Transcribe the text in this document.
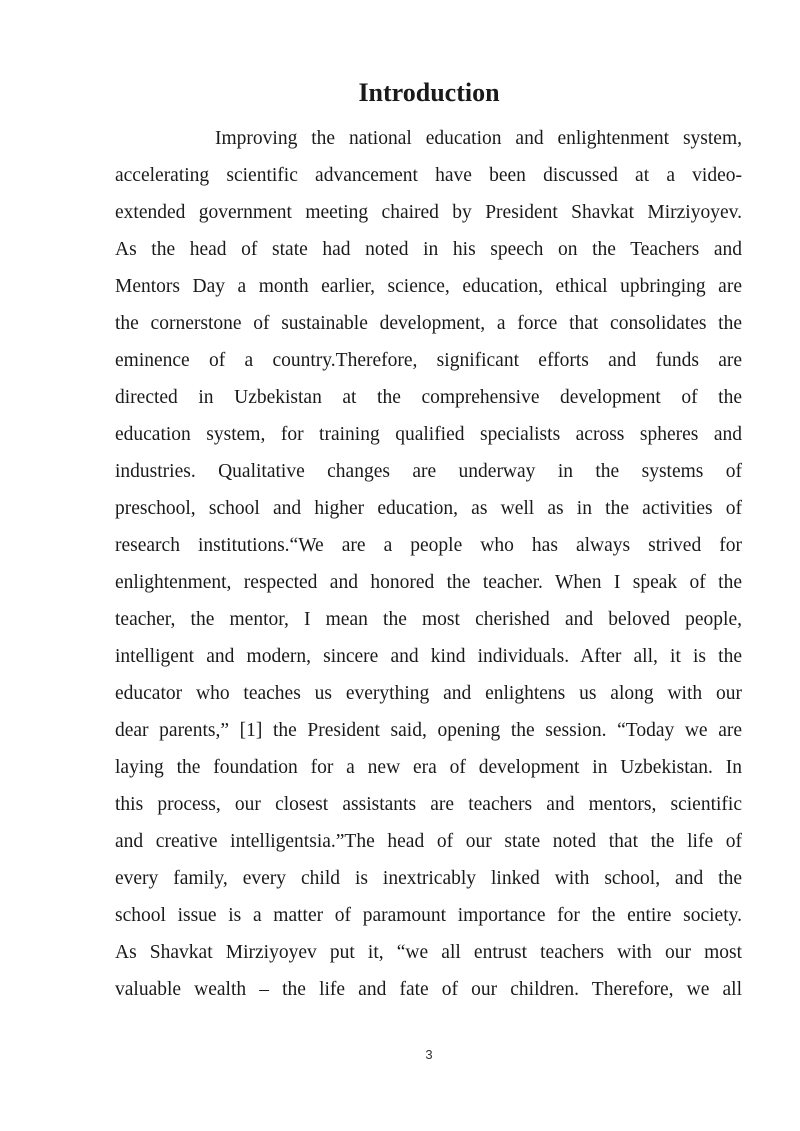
Introduction
Improving the national education and enlightenment system,
accelerating scientific advancement have been discussed at a video-
extended government meeting chaired by President Shavkat Mirziyoyev.
As the head of state had noted in his speech on the Teachers and
Mentors Day a month earlier, science, education, ethical upbringing are
the cornerstone of sustainable development, a force that consolidates the
eminence of a country.Therefore, significant efforts and funds are
directed in Uzbekistan at the comprehensive development of the
education system, for training qualified specialists across spheres and
industries. Qualitative changes are underway in the systems of
preschool, school and higher education, as well as in the activities of
research institutions.“We are a people who has always strived for
enlightenment, respected and honored the teacher. When I speak of the
teacher, the mentor, I mean the most cherished and beloved people,
intelligent and modern, sincere and kind individuals. After all, it is the
educator who teaches us everything and enlightens us along with our
dear parents,” [1] the President said, opening the session. “Today we are
laying the foundation for a new era of development in Uzbekistan. In
this process, our closest assistants are teachers and mentors, scientific
and creative intelligentsia.”The head of our state noted that the life of
every family, every child is inextricably linked with school, and the
school issue is a matter of paramount importance for the entire society.
As Shavkat Mirziyoyev put it, “we all entrust teachers with our most
valuable wealth – the life and fate of our children. Therefore, we all
3
